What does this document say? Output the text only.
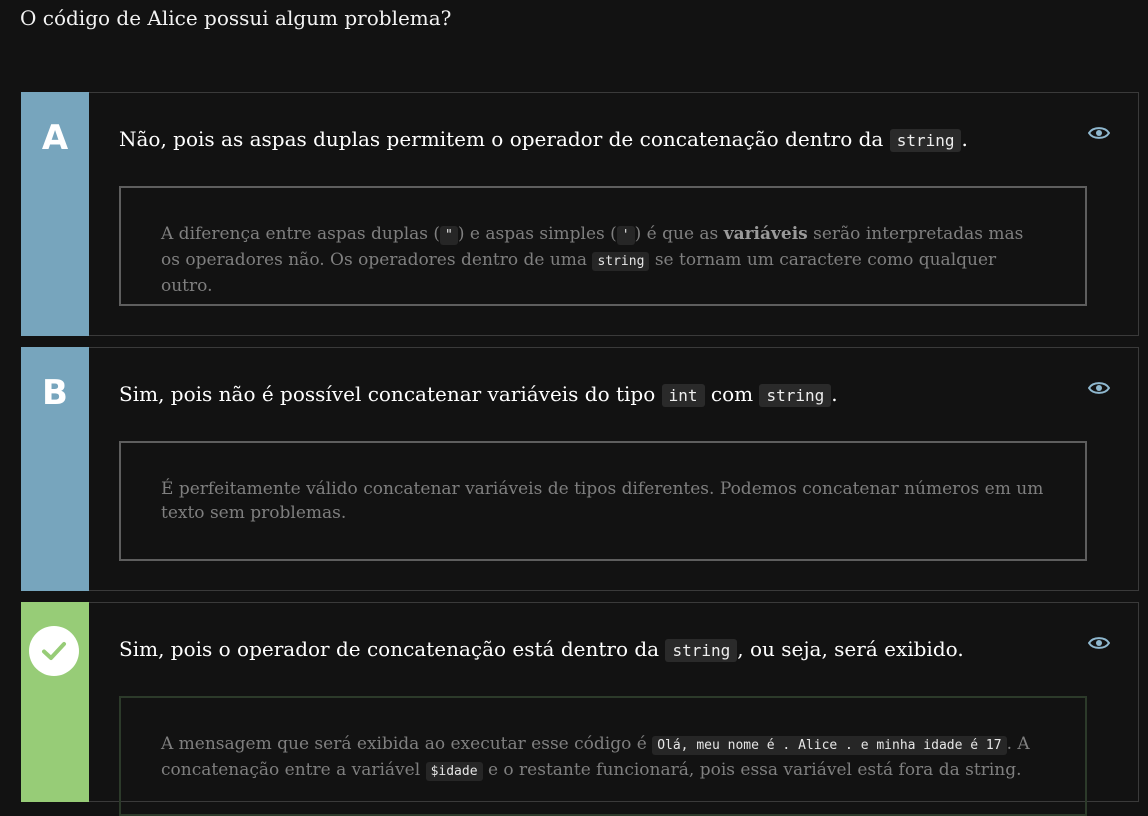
O código de Alice possui algum problema?
A	Não, pois as aspas duplas permitem o operador de concatenação dentro da string .
A diferença entre aspas duplas ( " ) e aspas simples ( ' ) é que as variáveis serão interpretadas mas os operadores não. Os operadores dentro de uma string se tornam um caractere como qualquer outro.
B	Sim, pois não é possível concatenar variáveis do tipo int com string .
É perfeitamente válido concatenar variáveis de tipos diferentes. Podemos concatenar números em um texto sem problemas.
Sim, pois o operador de concatenação está dentro da string , ou seja, será exibido.
A mensagem que será exibida ao executar esse código é Olá, meu nome é . Alice . e minha idade é 17 . A concatenação entre a variável $idade e o restante funcionará, pois essa variável está fora da string.
